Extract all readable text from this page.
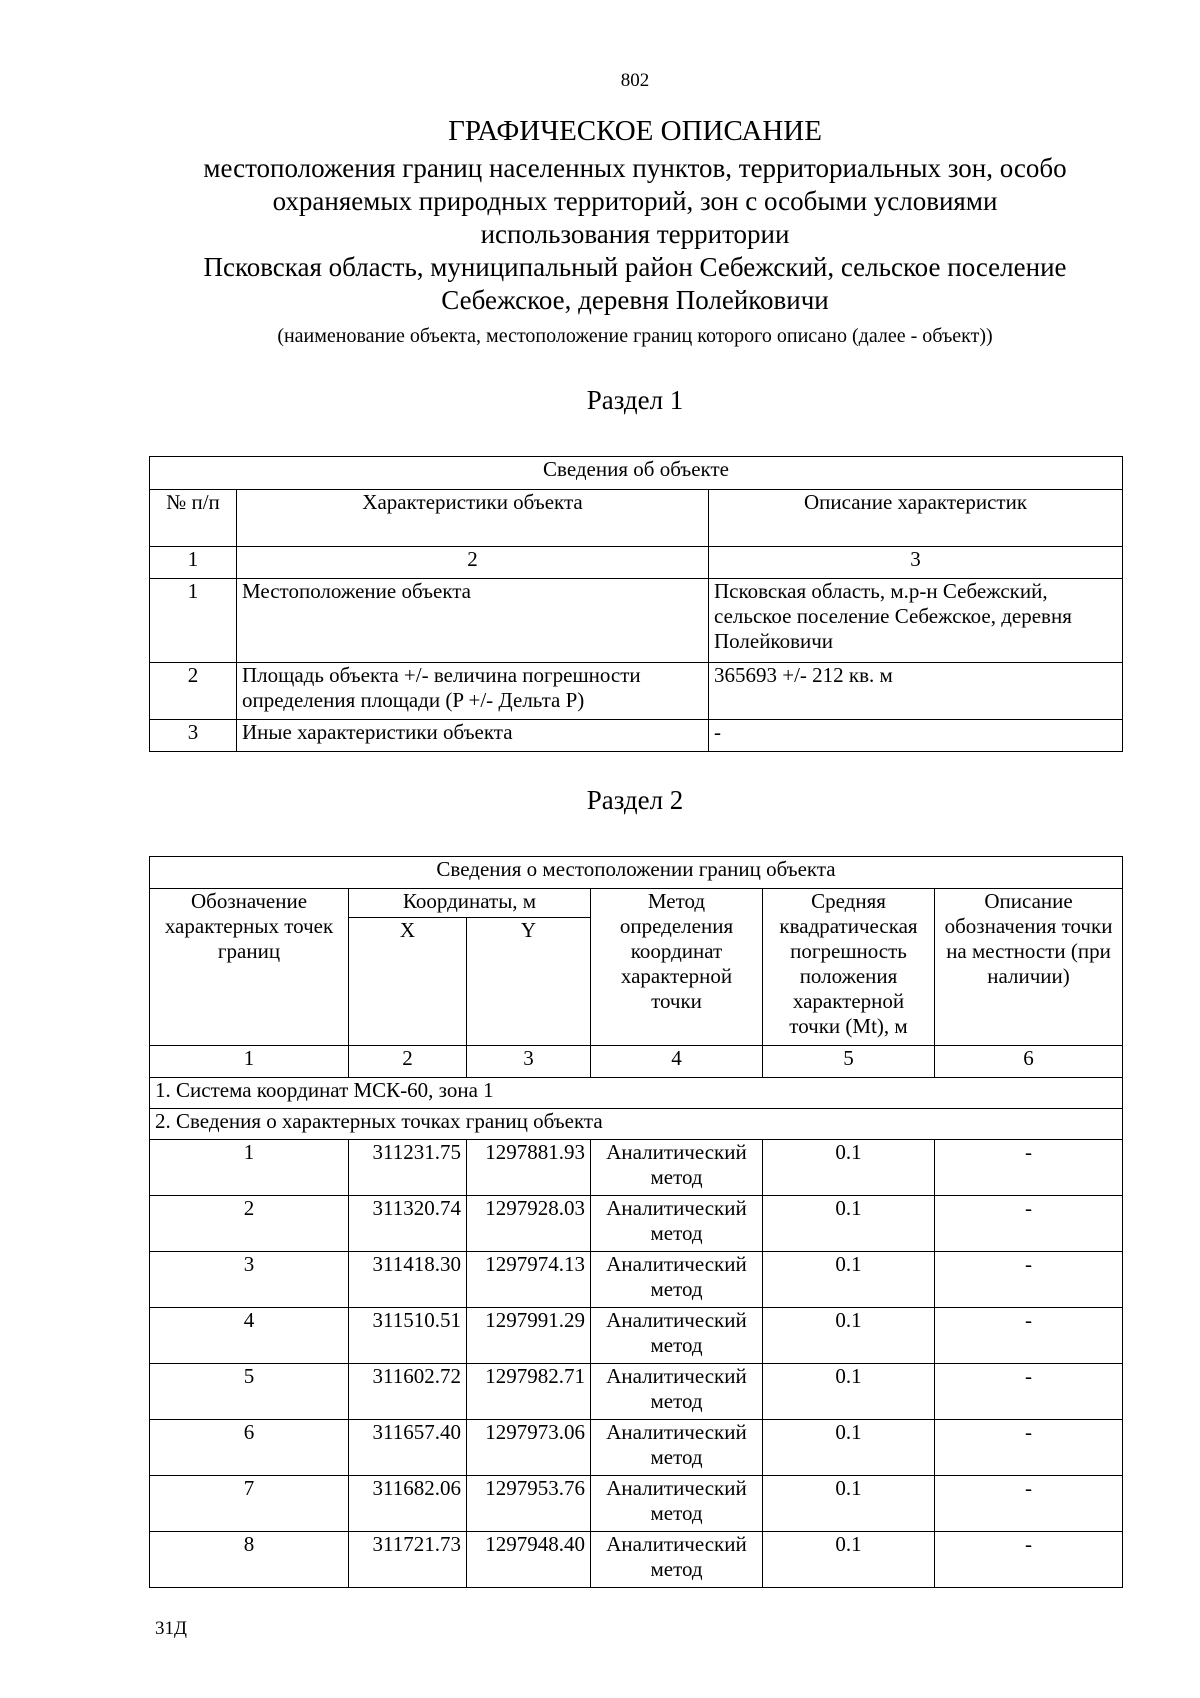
802
ГРАФИЧЕСКОЕ ОПИСАНИЕ
местоположения границ населенных пунктов, территориальных зон, особо
охраняемых природных территорий, зон с особыми условиями
использования территории
Псковская область, муниципальный район Себежский, сельское поселение
Себежское, деревня Полейковичи
(наименование объекта, местоположение границ которого описано (далее - объект))
Раздел 1
Сведения об объекте		
№ п/п	Характеристики объекта	Описание характеристик
1	2	3
1	Местоположение объекта	Псковская область, м.р-н Себежский, сельское поселение Себежское, деревня Полейковичи
2	Площадь объекта +/- величина погрешности определения площади (P +/- Дельта P)	365693 +/- 212 кв. м
3	Иные характеристики объекта	-
Раздел 2
Сведения о местоположении границ объекта					
Обозначение характерных точек границ	Координаты, м		Метод определения координат характерной точки	Средняя квадратическая погрешность положения характерной точки (Mt), м	Описание обозначения точки на местности (при наличии)
	X	Y			
1	2	3	4	5	6
1. Система координат МСК-60, зона 1					
2. Сведения о характерных точках границ объекта					
1	311231.75	1297881.93	Аналитический метод	0.1	-
2	311320.74	1297928.03	Аналитический метод	0.1	-
3	311418.30	1297974.13	Аналитический метод	0.1	-
4	311510.51	1297991.29	Аналитический метод	0.1	-
5	311602.72	1297982.71	Аналитический метод	0.1	-
6	311657.40	1297973.06	Аналитический метод	0.1	-
7	311682.06	1297953.76	Аналитический метод	0.1	-
8	311721.73	1297948.40	Аналитический метод	0.1	-
31Д
